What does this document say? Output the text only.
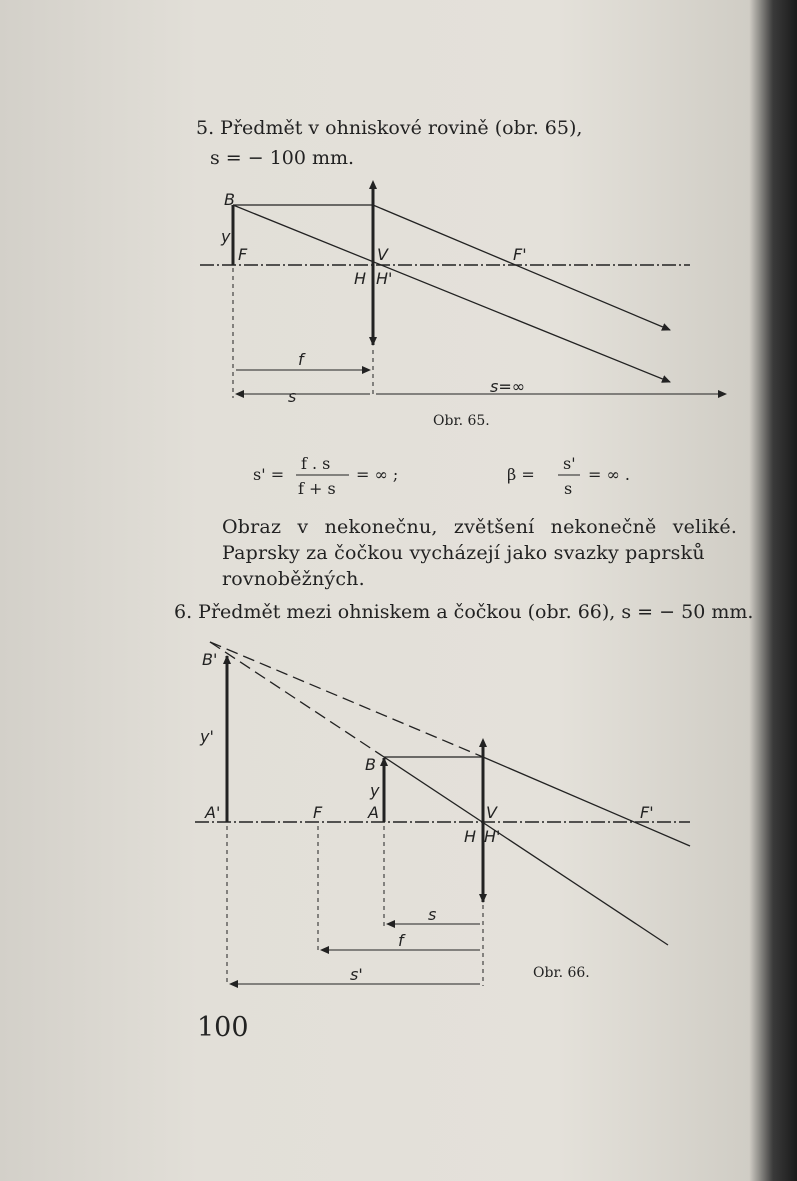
5. Předmět v ohniskové rovině (obr. 65),
s = − 100 mm.
B
y
F	V
H H'
F'
f
s
s=∞
B'
y'
A'	F	A
B
y
V
H H'
F'
s
f
s'
Obr. 65.
s' =
f . s
f + s
= ∞ ;	β =
s'
s
= ∞ .
Obraz v nekonečnu, zvětšení nekonečně veliké.
Paprsky za čočkou vycházejí jako svazky paprsků
rovnoběžných.
6. Předmět mezi ohniskem a čočkou (obr. 66), s = − 50 mm.
Obr. 66.
100
